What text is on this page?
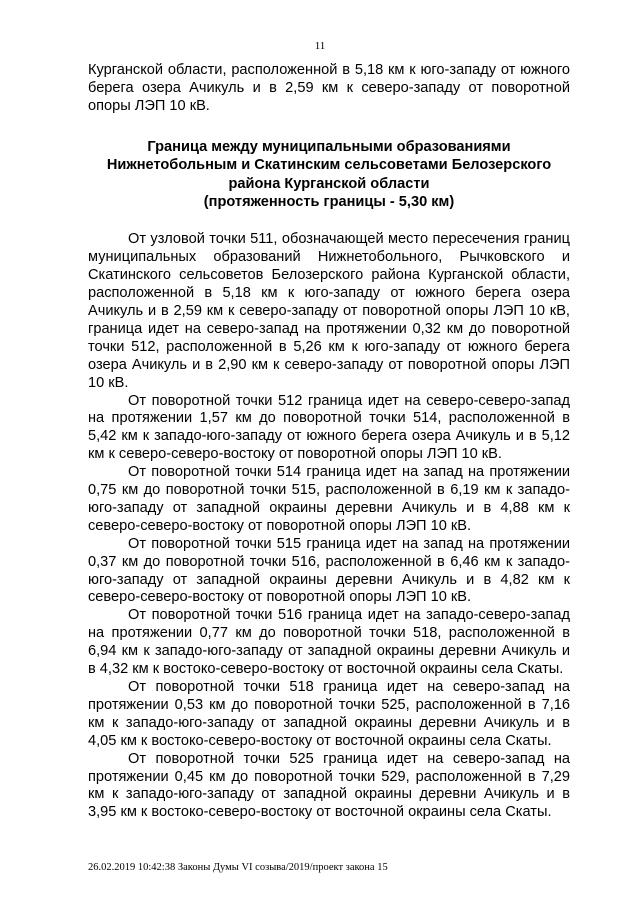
11

Курганской области, расположенной в 5,18 км к юго-западу от южного берега озера Ачикуль и в 2,59 км к северо-западу от поворотной опоры ЛЭП 10 кВ.

Граница между муниципальными образованиями
Нижнетобольным и Скатинским сельсоветами Белозерского
района Курганской области
(протяженность границы - 5,30 км)

От узловой точки 511, обозначающей место пересечения границ муниципальных образований Нижнетобольного, Рычковского и Скатинского сельсоветов Белозерского района Курганской области, расположенной в 5,18 км к юго-западу от южного берега озера Ачикуль и в 2,59 км к северо-западу от поворотной опоры ЛЭП 10 кВ, граница идет на северо-запад на протяжении 0,32 км до поворотной точки 512, расположенной в 5,26 км к юго-западу от южного берега озера Ачикуль и в 2,90 км к северо-западу от поворотной опоры ЛЭП 10 кВ.

От поворотной точки 512 граница идет на северо-северо-запад на протяжении 1,57 км до поворотной точки 514, расположенной в 5,42 км к западо-юго-западу от южного берега озера Ачикуль и в 5,12 км к северо-северо-востоку от поворотной опоры ЛЭП 10 кВ.

От поворотной точки 514 граница идет на запад на протяжении 0,75 км до поворотной точки 515, расположенной в 6,19 км к западо-юго-западу от западной окраины деревни Ачикуль и в 4,88 км к северо-северо-востоку от поворотной опоры ЛЭП 10 кВ.

От поворотной точки 515 граница идет на запад на протяжении 0,37 км до поворотной точки 516, расположенной в 6,46 км к западо-юго-западу от западной окраины деревни Ачикуль и в 4,82 км к северо-северо-востоку от поворотной опоры ЛЭП 10 кВ.

От поворотной точки 516 граница идет на западо-северо-запад на протяжении 0,77 км до поворотной точки 518, расположенной в 6,94 км к западо-юго-западу от западной окраины деревни Ачикуль и в 4,32 км к востоко-северо-востоку от восточной окраины села Скаты.

От поворотной точки 518 граница идет на северо-запад на протяжении 0,53 км до поворотной точки 525, расположенной в 7,16 км к западо-юго-западу от западной окраины деревни Ачикуль и в 4,05 км к востоко-северо-востоку от восточной окраины села Скаты.

От поворотной точки 525 граница идет на северо-запад на протяжении 0,45 км до поворотной точки 529, расположенной в 7,29 км к западо-юго-западу от западной окраины деревни Ачикуль и в 3,95 км к востоко-северо-востоку от восточной окраины села Скаты.

26.02.2019 10:42:38 Законы Думы VI созыва/2019/проект закона 15
